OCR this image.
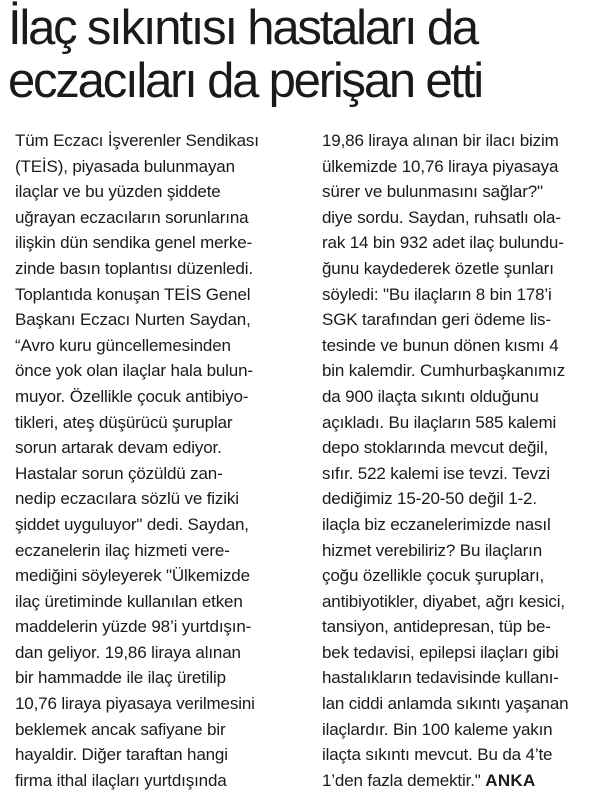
İlaç sıkıntısı hastaları da
eczacıları da perişan etti
Tüm Eczacı İşverenler Sendikası
(TEİS), piyasada bulunmayan
ilaçlar ve bu yüzden şiddete
uğrayan eczacıların sorunlarına
ilişkin dün sendika genel merke-
zinde basın toplantısı düzenledi.
Toplantıda konuşan TEİS Genel
Başkanı Eczacı Nurten Saydan,
“Avro kuru güncellemesinden
önce yok olan ilaçlar hala bulun-
muyor. Özellikle çocuk antibiyo-
tikleri, ateş düşürücü şuruplar
sorun artarak devam ediyor.
Hastalar sorun çözüldü zan-
nedip eczacılara sözlü ve fiziki
şiddet uyguluyor" dedi. Saydan,
eczanelerin ilaç hizmeti vere-
mediğini söyleyerek "Ülkemizde
ilaç üretiminde kullanılan etken
maddelerin yüzde 98’i yurtdışın-
dan geliyor. 19,86 liraya alınan
bir hammadde ile ilaç üretilip
10,76 liraya piyasaya verilmesini
beklemek ancak safiyane bir
hayaldir. Diğer taraftan hangi
firma ithal ilaçları yurtdışında
19,86 liraya alınan bir ilacı bizim
ülkemizde 10,76 liraya piyasaya
sürer ve bulunmasını sağlar?"
diye sordu. Saydan, ruhsatlı ola-
rak 14 bin 932 adet ilaç bulundu-
ğunu kaydederek özetle şunları
söyledi: "Bu ilaçların 8 bin 178’i
SGK tarafından geri ödeme lis-
tesinde ve bunun dönen kısmı 4
bin kalemdir. Cumhurbaşkanımız
da 900 ilaçta sıkıntı olduğunu
açıkladı. Bu ilaçların 585 kalemi
depo stoklarında mevcut değil,
sıfır. 522 kalemi ise tevzi. Tevzi
dediğimiz 15-20-50 değil 1-2.
ilaçla biz eczanelerimizde nasıl
hizmet verebiliriz? Bu ilaçların
çoğu özellikle çocuk şurupları,
antibiyotikler, diyabet, ağrı kesici,
tansiyon, antidepresan, tüp be-
bek tedavisi, epilepsi ilaçları gibi
hastalıkların tedavisinde kullanı-
lan ciddi anlamda sıkıntı yaşanan
ilaçlardır. Bin 100 kaleme yakın
ilaçta sıkıntı mevcut. Bu da 4’te
1’den fazla demektir." ANKA
